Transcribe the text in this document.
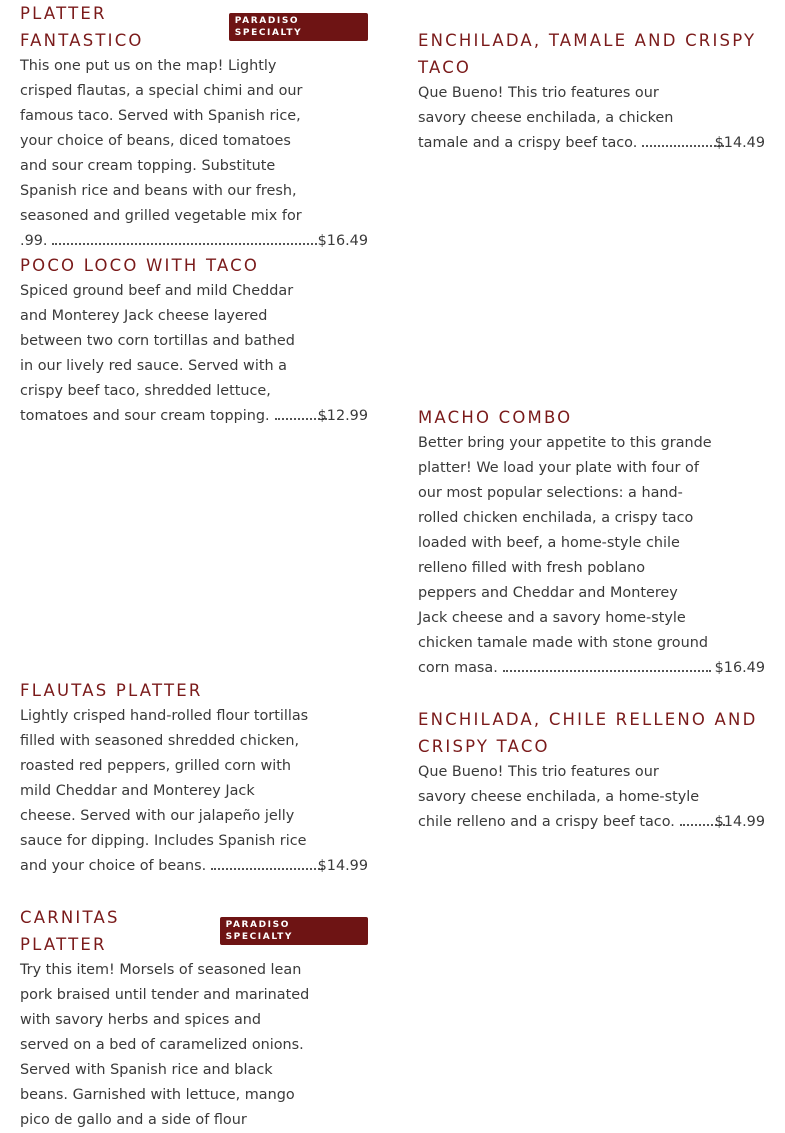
PLATTER FANTASTICO
PARADISO SPECIALTY
This one put us on the map! Lightly
crisped flautas, a special chimi and our
famous taco. Served with Spanish rice,
your choice of beans, diced tomatoes
and sour cream topping. Substitute
Spanish rice and beans with our fresh,
seasoned and grilled vegetable mix for
.99.	$16.49
POCO LOCO WITH TACO
Spiced ground beef and mild Cheddar
and Monterey Jack cheese layered
between two corn tortillas and bathed
in our lively red sauce. Served with a
crispy beef taco, shredded lettuce,
tomatoes and sour cream topping.	$12.99
FLAUTAS PLATTER
Lightly crisped hand-rolled flour tortillas
filled with seasoned shredded chicken,
roasted red peppers, grilled corn with
mild Cheddar and Monterey Jack
cheese. Served with our jalapeño jelly
sauce for dipping. Includes Spanish rice
and your choice of beans.	$14.99
CARNITAS PLATTER
PARADISO SPECIALTY
Try this item! Morsels of seasoned lean
pork braised until tender and marinated
with savory herbs and spices and
served on a bed of caramelized onions.
Served with Spanish rice and black
beans. Garnished with lettuce, mango
pico de gallo and a side of flour
ENCHILADA, TAMALE AND CRISPY
TACO
Que Bueno! This trio features our
savory cheese enchilada, a chicken
tamale and a crispy beef taco.	$14.49
MACHO COMBO
Better bring your appetite to this grande
platter! We load your plate with four of
our most popular selections: a hand-
rolled chicken enchilada, a crispy taco
loaded with beef, a home-style chile
relleno filled with fresh poblano
peppers and Cheddar and Monterey
Jack cheese and a savory home-style
chicken tamale made with stone ground
corn masa.	$16.49
ENCHILADA, CHILE RELLENO AND
CRISPY TACO
Que Bueno! This trio features our
savory cheese enchilada, a home-style
chile relleno and a crispy beef taco.	$14.99
